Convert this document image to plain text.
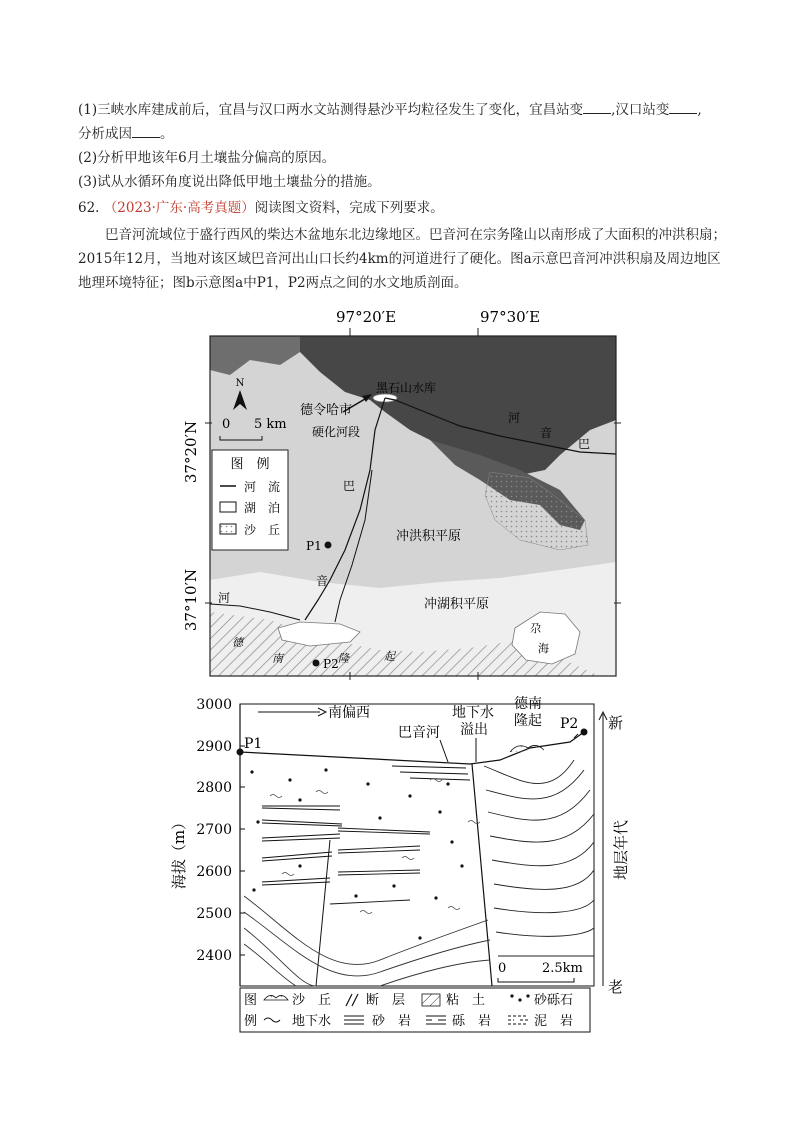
(1)三峡水库建成前后，宜昌与汉口两水文站测得悬沙平均粒径发生了变化，宜昌站变 ,汉口站变 ,
分析成因 。
(2)分析甲地该年6月土壤盐分偏高的原因。
(3)试从水循环角度说出降低甲地土壤盐分的措施。
62. （2023·广东·高考真题）阅读图文资料，完成下列要求。
巴音河流域位于盛行西风的柴达木盆地东北边缘地区。巴音河在宗务隆山以南形成了大面积的冲洪积扇；2015年12月，当地对该区域巴音河出山口长约4km的河道进行了硬化。图a示意巴音河冲洪积扇及周边地区地理环境特征；图b示意图a中P1，P2两点之间的水文地质剖面。
97°20′E	97°30′E
37°20′N
37°10′N
N
0 5 km
德令哈市
黑石山水库
硬化河段
河
音
巴
巴
音
河
冲洪积平原
冲湖积平原
尕
海
德
南	隆	起
P1
P2
图　例
河　流
湖　泊
沙　丘
3000
2900
2800
2700
2600
2500
2400
海拔（m）
南偏西
P1
P2
巴音河
地下水
溢出
德南
隆起
0	2.5km
新
地层年代
老
图
例
沙　丘	断　层	粘　土	砂砾石
地下水	砂　岩	砾　岩	泥　岩
